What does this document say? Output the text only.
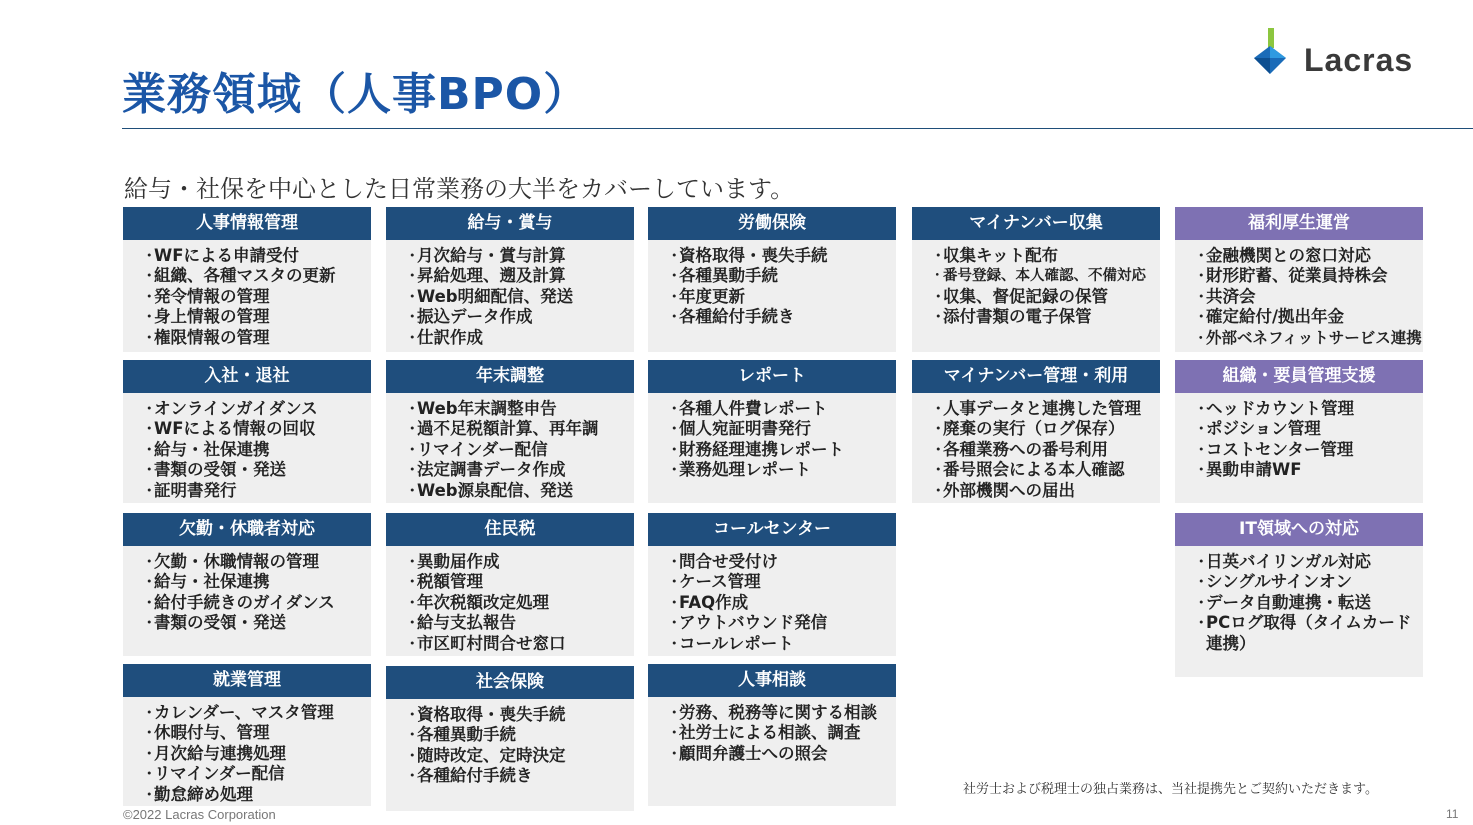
業務領域（人事BPO）
Lacras
給与・社保を中心とした日常業務の大半をカバーしています。
人事情報管理
・ WFによる申請受付
・ 組織、各種マスタの更新
・ 発令情報の管理
・ 身上情報の管理
・ 権限情報の管理
給与・賞与
・ 月次給与・賞与計算
・ 昇給処理、遡及計算
・ Web明細配信、発送
・ 振込データ作成
・ 仕訳作成
労働保険
・ 資格取得・喪失手続
・ 各種異動手続
・ 年度更新
・ 各種給付手続き
マイナンバー収集
・ 収集キット配布
・ 番号登録、本人確認、不備対応
・ 収集、督促記録の保管
・ 添付書類の電子保管
福利厚生運営
・ 金融機関との窓口対応
・ 財形貯蓄、従業員持株会
・ 共済会
・ 確定給付/拠出年金
・ 外部ベネフィットサービス連携
入社・退社
・ オンラインガイダンス
・ WFによる情報の回収
・ 給与・社保連携
・ 書類の受領・発送
・ 証明書発行
年末調整
・ Web年末調整申告
・ 過不足税額計算、再年調
・ リマインダー配信
・ 法定調書データ作成
・ Web源泉配信、発送
レポート
・ 各種人件費レポート
・ 個人宛証明書発行
・ 財務経理連携レポート
・ 業務処理レポート
マイナンバー管理・利用
・ 人事データと連携した管理
・ 廃棄の実行（ログ保存）
・ 各種業務への番号利用
・ 番号照会による本人確認
・ 外部機関への届出
組織・要員管理支援
・ ヘッドカウント管理
・ ポジション管理
・ コストセンター管理
・ 異動申請WF
欠勤・休職者対応
・ 欠勤・休職情報の管理
・ 給与・社保連携
・ 給付手続きのガイダンス
・ 書類の受領・発送
住民税
・ 異動届作成
・ 税額管理
・ 年次税額改定処理
・ 給与支払報告
・ 市区町村問合せ窓口
コールセンター
・ 問合せ受付け
・ ケース管理
・ FAQ作成
・ アウトバウンド発信
・ コールレポート
IT領域への対応
・ 日英バイリンガル対応
・ シングルサインオン
・ データ自動連携・転送
・ PCログ取得（タイムカード連携）
就業管理
・ カレンダー、マスタ管理
・ 休暇付与、管理
・ 月次給与連携処理
・ リマインダー配信
・ 勤怠締め処理
社会保険
・ 資格取得・喪失手続
・ 各種異動手続
・ 随時改定、定時決定
・ 各種給付手続き
人事相談
・ 労務、税務等に関する相談
・ 社労士による相談、調査
・ 顧問弁護士への照会
社労士および税理士の独占業務は、当社提携先とご契約いただきます。
©2022 Lacras Corporation	11
